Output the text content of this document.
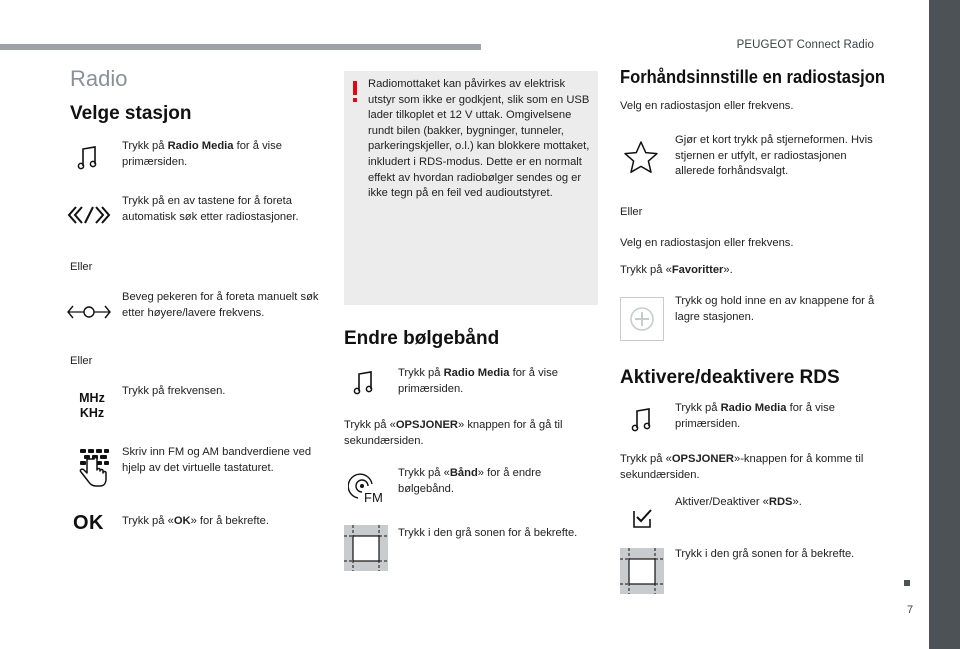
PEUGEOT Connect Radio
7
Radio
Velge stasjon
Trykk på Radio Media for å vise primærsiden.
Trykk på en av tastene for å foreta automatisk søk etter radiostasjoner.
Eller
Beveg pekeren for å foreta manuelt søk etter høyere/lavere frekvens.
Eller
MHz
KHz
Trykk på frekvensen.
Skriv inn FM og AM bandverdiene ved hjelp av det virtuelle tastaturet.
OK	Trykk på «OK» for å bekrefte.
Radiomottaket kan påvirkes av elektrisk utstyr som ikke er godkjent, slik som en USB lader tilkoplet et 12 V uttak. Omgivelsene rundt bilen (bakker, bygninger, tunneler, parkeringskjeller, o.l.) kan blokkere mottaket, inkludert i RDS-modus. Dette er en normalt effekt av hvordan radiobølger sendes og er ikke tegn på en feil ved audioutstyret.
Endre bølgebånd
Trykk på Radio Media for å vise primærsiden.
Trykk på «OPSJONER» knappen for å gå til sekundærsiden.
FM
Trykk på «Bånd» for å endre bølgebånd.
Trykk i den grå sonen for å bekrefte.
Forhåndsinnstille en radiostasjon
Velg en radiostasjon eller frekvens.
Gjør et kort trykk på stjerneformen. Hvis stjernen er utfylt, er radiostasjonen allerede forhåndsvalgt.
Eller
Velg en radiostasjon eller frekvens.
Trykk på «Favoritter».
Trykk og hold inne en av knappene for å lagre stasjonen.
Aktivere/deaktivere RDS
Trykk på Radio Media for å vise primærsiden.
Trykk på «OPSJONER»-knappen for å komme til sekundærsiden.
Aktiver/Deaktiver «RDS».
Trykk i den grå sonen for å bekrefte.
